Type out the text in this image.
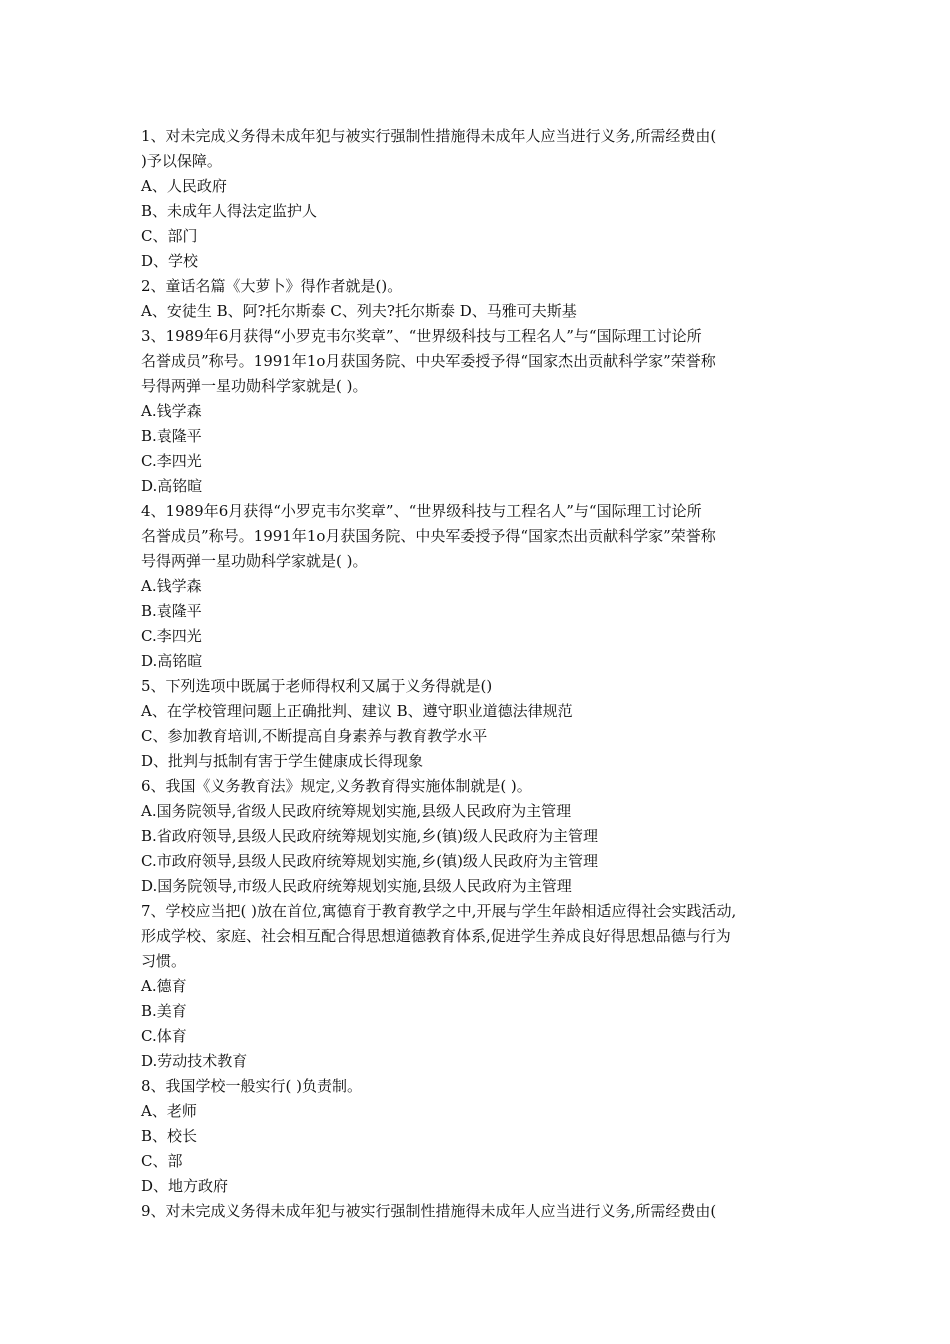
1、对未完成义务得未成年犯与被实行强制性措施得未成年人应当进行义务,所需经费由(
)予以保障。
A、人民政府
B、未成年人得法定监护人
C、部门
D、学校
2、童话名篇《大萝卜》得作者就是()。
A、安徒生 B、阿?托尔斯泰 C、列夫?托尔斯泰 D、马雅可夫斯基
3、1989年6月获得“小罗克韦尔奖章”、“世界级科技与工程名人”与“国际理工讨论所
名誉成员”称号。1991年1o月获国务院、中央军委授予得“国家杰出贡献科学家”荣誉称
号得两弹一星功勋科学家就是( )。
A.钱学森
B.袁隆平
C.李四光
D.高铭暄
4、1989年6月获得“小罗克韦尔奖章”、“世界级科技与工程名人”与“国际理工讨论所
名誉成员”称号。1991年1o月获国务院、中央军委授予得“国家杰出贡献科学家”荣誉称
号得两弹一星功勋科学家就是( )。
A.钱学森
B.袁隆平
C.李四光
D.高铭暄
5、下列选项中既属于老师得权利又属于义务得就是()
A、在学校管理问题上正确批判、建议 B、遵守职业道德法律规范
C、参加教育培训,不断提高自身素养与教育教学水平
D、批判与抵制有害于学生健康成长得现象
6、我国《义务教育法》规定,义务教育得实施体制就是( )。
A.国务院领导,省级人民政府统筹规划实施,县级人民政府为主管理
B.省政府领导,县级人民政府统筹规划实施,乡(镇)级人民政府为主管理
C.市政府领导,县级人民政府统筹规划实施,乡(镇)级人民政府为主管理
D.国务院领导,市级人民政府统筹规划实施,县级人民政府为主管理
7、学校应当把( )放在首位,寓德育于教育教学之中,开展与学生年龄相适应得社会实践活动,
形成学校、家庭、社会相互配合得思想道德教育体系,促进学生养成良好得思想品德与行为
习惯。
A.德育
B.美育
C.体育
D.劳动技术教育
8、我国学校一般实行( )负责制。
A、老师
B、校长
C、部
D、地方政府
9、对未完成义务得未成年犯与被实行强制性措施得未成年人应当进行义务,所需经费由(
